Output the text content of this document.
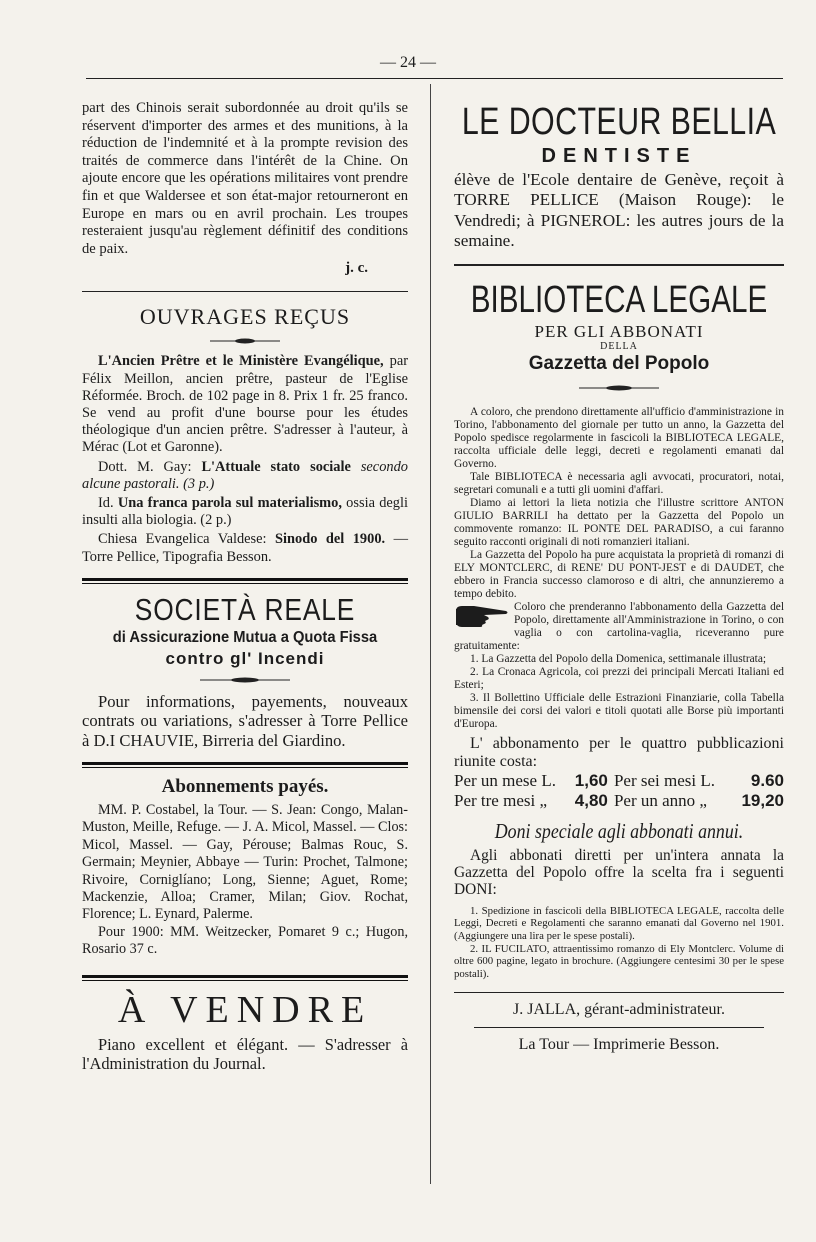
— 24 —

part des Chinois serait subordonnée au droit qu'ils se réservent d'importer des armes et des munitions, à la réduction de l'indemnité et à la prompte revision des traités de commerce dans l'intérêt de la Chine. On ajoute encore que les opérations militaires vont prendre fin et que Waldersee et son état-major retourneront en Europe en mars ou en avril prochain. Les troupes resteraient jusqu'au règlement définitif des conditions de paix.

j. c.

OUVRAGES REÇUS

L'Ancien Prêtre et le Ministère Evangélique, par Félix Meillon, ancien prêtre, pasteur de l'Eglise Réformée. Broch. de 102 page in 8. Prix 1 fr. 25 franco. Se vend au profit d'une bourse pour les études théologique d'un ancien prêtre. S'adresser à l'auteur, à Mérac (Lot et Garonne).

Dott. M. Gay: L'Attuale stato sociale secondo alcune pastorali. (3 p.)

Id. Una franca parola sul materialismo, ossia degli insulti alla biologia. (2 p.)

Chiesa Evangelica Valdese: Sinodo del 1900. — Torre Pellice, Tipografia Besson.

SOCIETÀ REALE

di Assicurazione Mutua a Quota Fissa

contro gl' Incendi

Pour informations, payements, nouveaux contrats ou variations, s'adresser à Torre Pellice à D.I CHAUVIE, Birreria del Giardino.

Abonnements payés.

MM. P. Costabel, la Tour. — S. Jean: Congo, Malan-Muston, Meille, Refuge. — J. A. Micol, Massel. — Clos: Micol, Massel. — Gay, Pérouse; Balmas Rouc, S. Germain; Meynier, Abbaye — Turin: Prochet, Talmone; Rivoire, Corniglíano; Long, Sienne; Aguet, Rome; Mackenzie, Alloa; Cramer, Milan; Giov. Rochat, Florence; L. Eynard, Palerme.

Pour 1900: MM. Weitzecker, Pomaret 9 c.; Hugon, Rosario 37 c.

À VENDRE

Piano excellent et élégant. — S'adresser à l'Administration du Journal.

LE DOCTEUR BELLIA

DENTISTE

élève de l'Ecole dentaire de Genève, reçoit à TORRE PELLICE (Maison Rouge): le Vendredi; à PIGNEROL: les autres jours de la semaine.

BIBLIOTECA LEGALE

PER GLI ABBONATI

DELLA

Gazzetta del Popolo

A coloro, che prendono direttamente all'ufficio d'amministrazione in Torino, l'abbonamento del giornale per tutto un anno, la Gazzetta del Popolo spedisce regolarmente in fascicoli la BIBLIOTECA LEGALE, raccolta ufficiale delle leggi, decreti e regolamenti emanati dal Governo.

Tale BIBLIOTECA è necessaria agli avvocati, procuratori, notai, segretari comunali e a tutti gli uomini d'affari.

Diamo ai lettori la lieta notizia che l'illustre scrittore ANTON GIULIO BARRILI ha dettato per la Gazzetta del Popolo un commovente romanzo: IL PONTE DEL PARADISO, a cui faranno seguito racconti originali di noti romanzieri italiani.

La Gazzetta del Popolo ha pure acquistata la proprietà di romanzi di ELY MONTCLERC, di RENE' DU PONT-JEST e di DAUDET, che ebbero in Francia successo clamoroso e di altri, che annunzieremo a tempo debito.

Coloro che prenderanno l'abbonamento della Gazzetta del Popolo, direttamente all'Amministrazione in Torino, o con vaglia o con cartolina-vaglia, riceveranno pure gratuitamente:

1. La Gazzetta del Popolo della Domenica, settimanale illustrata;

2. La Cronaca Agricola, coi prezzi dei principali Mercati Italiani ed Esteri;

3. Il Bollettino Ufficiale delle Estrazioni Finanziarie, colla Tabella bimensile dei corsi dei valori e titoli quotati alle Borse più importanti d'Europa.

L' abbonamento per le quattro pubblicazioni riunite costa:

Per un mese L.	1,60	Per sei mesi L.	9.60
Per tre mesi „	4,80	Per un anno „	19,20

Doni speciale agli abbonati annui.

Agli abbonati diretti per un'intera annata la Gazzetta del Popolo offre la scelta fra i seguenti DONI:

1. Spedizione in fascicoli della BIBLIOTECA LEGALE, raccolta delle Leggi, Decreti e Regolamenti che saranno emanati dal Governo nel 1901. (Aggiungere una lira per le spese postali).

2. IL FUCILATO, attraentissimo romanzo di Ely Montclerc. Volume di oltre 600 pagine, legato in brochure. (Aggiungere centesimi 30 per le spese postali).

J. JALLA, gérant-administrateur.

La Tour — Imprimerie Besson.
